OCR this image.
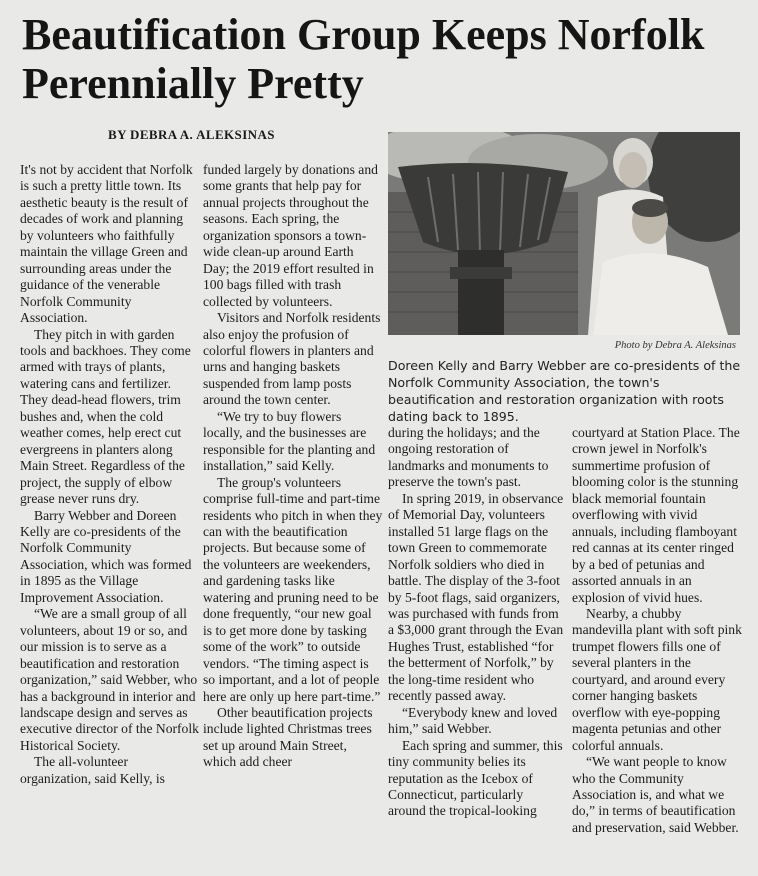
Beautification Group Keeps Norfolk Perennially Pretty
BY DEBRA A. ALEKSINAS

It's not by accident that Norfolk is such a pretty little town. Its aesthetic beauty is the result of decades of work and planning by volunteers who faithfully maintain the village Green and surrounding areas under the guidance of the venerable Norfolk Community Association.

They pitch in with garden tools and backhoes. They come armed with trays of plants, watering cans and fertilizer. They dead-head flowers, trim bushes and, when the cold weather comes, help erect cut evergreens in planters along Main Street. Regardless of the project, the supply of elbow grease never runs dry.

Barry Webber and Doreen Kelly are co-presidents of the Norfolk Community Association, which was formed in 1895 as the Village Improvement Association.

“We are a small group of all volunteers, about 19 or so, and our mission is to serve as a beautification and restoration organization,” said Webber, who has a background in interior and landscape design and serves as executive director of the Norfolk Historical Society.

The all-volunteer organization, said Kelly, is

funded largely by donations and some grants that help pay for annual projects throughout the seasons. Each spring, the organization sponsors a town-wide clean-up around Earth Day; the 2019 effort resulted in 100 bags filled with trash collected by volunteers.

Visitors and Norfolk residents also enjoy the profusion of colorful flowers in planters and urns and hanging baskets suspended from lamp posts around the town center.

“We try to buy flowers locally, and the businesses are responsible for the planting and installation,” said Kelly.

The group's volunteers comprise full-time and part-time residents who pitch in when they can with the beautification projects. But because some of the volunteers are weekenders, and gardening tasks like watering and pruning need to be done frequently, “our new goal is to get more done by tasking some of the work” to outside vendors. “The timing aspect is so important, and a lot of people here are only up here part-time.”

Other beautification projects include lighted Christmas trees set up around Main Street, which add cheer

Photo by Debra A. Aleksinas
Doreen Kelly and Barry Webber are co-presidents of the Norfolk Community Association, the town's beautification and restoration organization with roots dating back to 1895.

during the holidays; and the ongoing restoration of landmarks and monuments to preserve the town's past.

In spring 2019, in observance of Memorial Day, volunteers installed 51 large flags on the town Green to commemorate Norfolk soldiers who died in battle. The display of the 3-foot by 5-foot flags, said organizers, was purchased with funds from a $3,000 grant through the Evan Hughes Trust, established “for the betterment of Norfolk,” by the long-time resident who recently passed away.

“Everybody knew and loved him,” said Webber.

Each spring and summer, this tiny community belies its reputation as the Icebox of Connecticut, particularly around the tropical-looking

courtyard at Station Place. The crown jewel in Norfolk's summertime profusion of blooming color is the stunning black memorial fountain overflowing with vivid annuals, including flamboyant red cannas at its center ringed by a bed of petunias and assorted annuals in an explosion of vivid hues.

Nearby, a chubby mandevilla plant with soft pink trumpet flowers fills one of several planters in the courtyard, and around every corner hanging baskets overflow with eye-popping magenta petunias and other colorful annuals.

“We want people to know who the Community Association is, and what we do,” in terms of beautification and preservation, said Webber.
